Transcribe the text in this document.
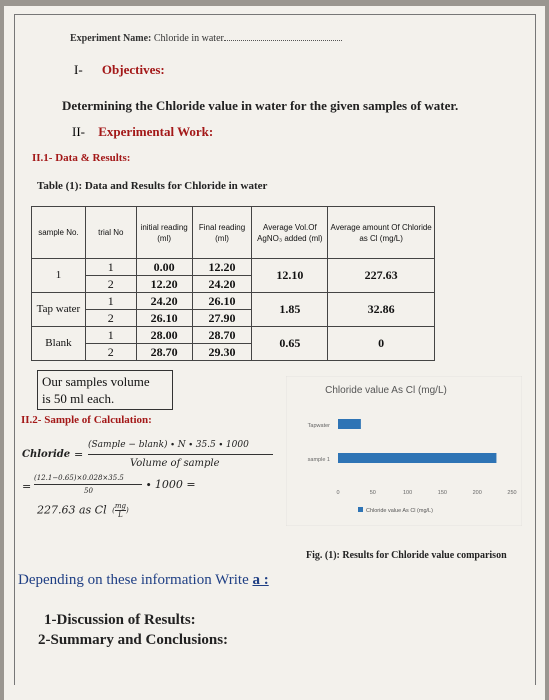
Experiment Name: Chloride in water
I- Objectives:
Determining the Chloride value in water for the given samples of water.
II- Experimental Work:
II.1- Data & Results:
Table (1): Data and Results for Chloride in water
sample No.	trial No	initial reading (ml)	Final reading (ml)	Average Vol.Of AgNO₃ added (ml)	Average amount Of Chloride as Cl (mg/L)
1	1	0.00	12.20	12.10	227.63
	2	12.20	24.20		
Tap water	1	24.20	26.10	1.85	32.86
	2	26.10	27.90		
Blank	1	28.00	28.70	0.65	0
	2	28.70	29.30		
Our samples volume
is 50 ml each.
II.2- Sample of Calculation:
Chloride =
(Sample − blank) ∙ N ∙ 35.5 ∙ 1000
Volume of sample
=
(12.1−0.65)×0.028×35.5
50	∙ 1000 =
227.63 as Cl ( $\frac{mg}{L}$ )
Chloride value As Cl (mg/L)
Tapwater
sample 1
0	50	100	150	200	250
Chloride value As Cl (mg/L)
Fig. (1): Results for Chloride value comparison
Depending on these information Write a :
1-Discussion of Results:
2-Summary and Conclusions:
